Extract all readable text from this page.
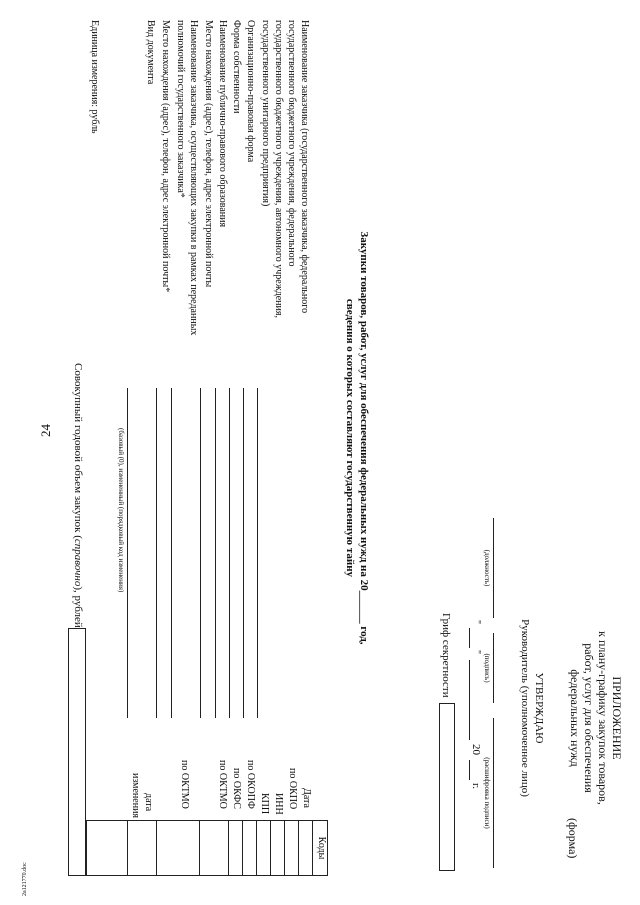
24
2a121770.doc
ПРИЛОЖЕНИЕ
к плану-графику закупок товаров,
работ, услуг для обеспечения
федеральных нужд
(форма)
УТВЕРЖДАЮ
Руководитель (уполномоченное лицо)
(должность)
(подпись)
(расшифровка подписи)
"
"
20
г.
Гриф секретности
Закупки товаров, работ, услуг для обеспечения федеральных нужд на 20______ год,
сведения о которых составляют государственную тайну
Коды
Дата
по ОКПО
ИНН
КПП
по ОКОПФ
по ОКФС
по ОКТМО
по ОКТМО
дата
изменения
Наименование заказчика (государственного заказчика, федерального
государственного бюджетного учреждения, федерального
государственного бюджетного учреждения, автономного учреждения,
государственного унитарного предприятия)
Организационно-правовая форма
Форма собственности
Наименование публично-правового образования
Место нахождения (адрес), телефон, адрес электронной почты
Наименование заказчика, осуществляющих закупки в рамках переданных
полномочий государственного заказчика*
Место нахождения (адрес), телефон, адрес электронной почты*
Вид документа
(базовый (0), измененный (порядковый код изменения)
Единица измерения: рубль
Совокупный годовой объем закупок (справочно), рублей
